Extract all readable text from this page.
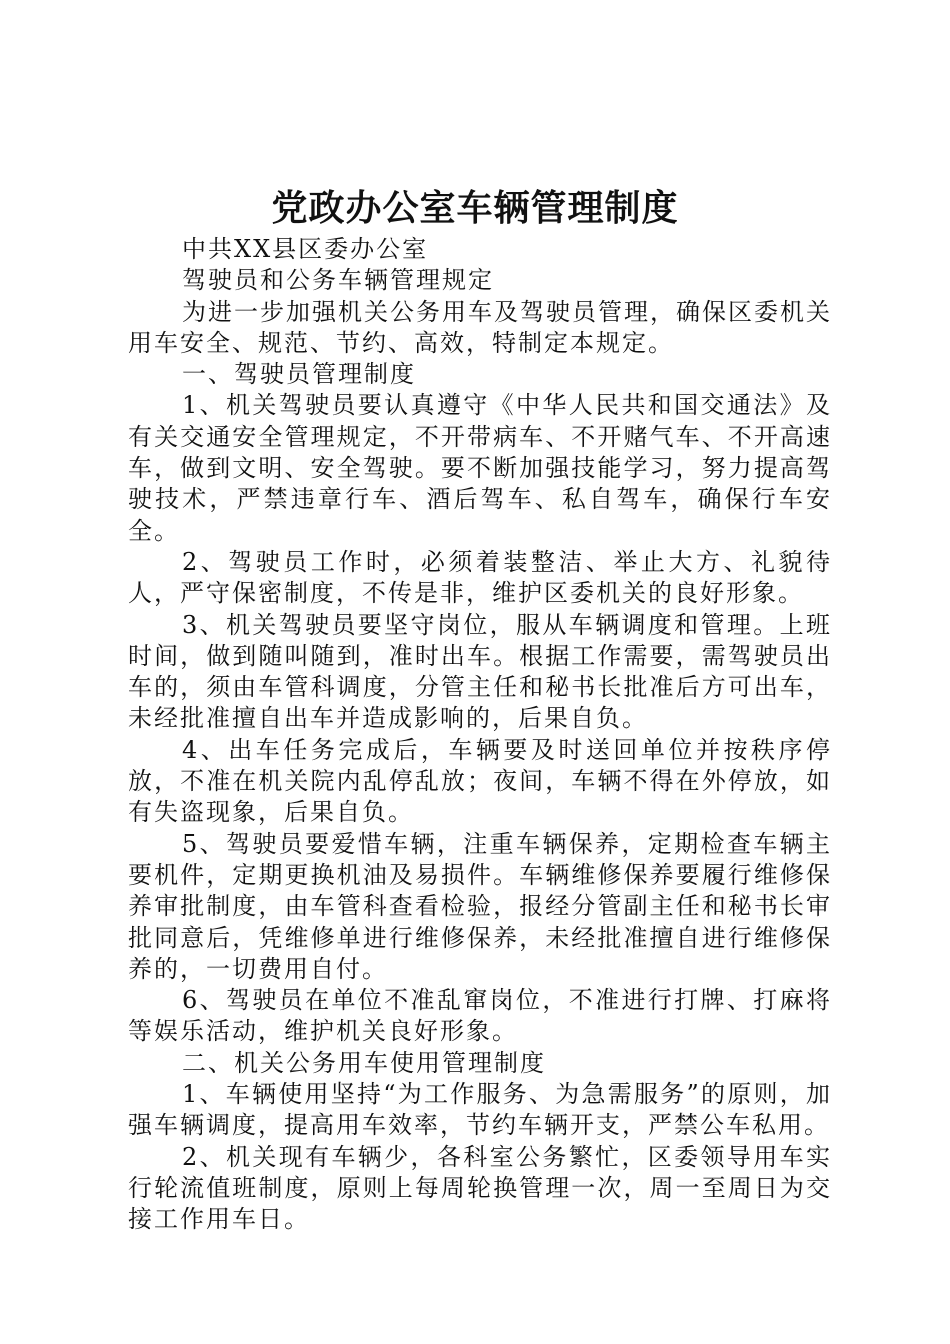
党政办公室车辆管理制度

中共XX县区委办公室

驾驶员和公务车辆管理规定

为进一步加强机关公务用车及驾驶员管理，确保区委机关用车安全、规范、节约、高效，特制定本规定。

一、驾驶员管理制度

1、机关驾驶员要认真遵守《中华人民共和国交通法》及有关交通安全管理规定，不开带病车、不开赌气车、不开高速车，做到文明、安全驾驶。要不断加强技能学习，努力提高驾驶技术，严禁违章行车、酒后驾车、私自驾车，确保行车安全。

2、驾驶员工作时，必须着装整洁、举止大方、礼貌待人，严守保密制度，不传是非，维护区委机关的良好形象。

3、机关驾驶员要坚守岗位，服从车辆调度和管理。上班时间，做到随叫随到，准时出车。根据工作需要，需驾驶员出车的，须由车管科调度，分管主任和秘书长批准后方可出车，未经批准擅自出车并造成影响的，后果自负。

4、出车任务完成后，车辆要及时送回单位并按秩序停放，不准在机关院内乱停乱放；夜间，车辆不得在外停放，如有失盗现象，后果自负。

5、驾驶员要爱惜车辆，注重车辆保养，定期检查车辆主要机件，定期更换机油及易损件。车辆维修保养要履行维修保养审批制度，由车管科查看检验，报经分管副主任和秘书长审批同意后，凭维修单进行维修保养，未经批准擅自进行维修保养的，一切费用自付。

6、驾驶员在单位不准乱窜岗位，不准进行打牌、打麻将等娱乐活动，维护机关良好形象。

二、机关公务用车使用管理制度

1、车辆使用坚持“为工作服务、为急需服务”的原则，加强车辆调度，提高用车效率，节约车辆开支，严禁公车私用。

2、机关现有车辆少，各科室公务繁忙，区委领导用车实行轮流值班制度，原则上每周轮换管理一次，周一至周日为交接工作用车日。
